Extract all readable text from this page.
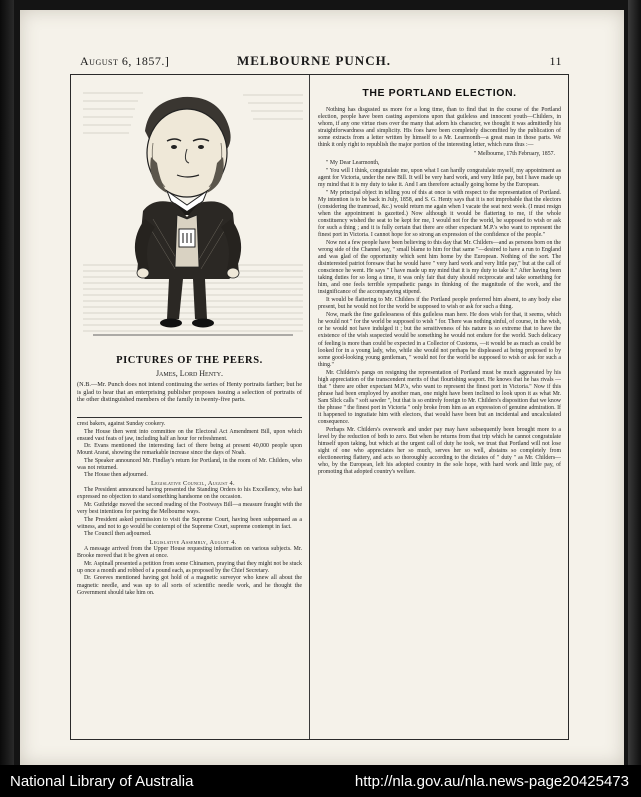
August 6, 1857.]	MELBOURNE PUNCH.	11
PICTURES OF THE PEERS.
James, Lord Henty.
(N.B.—Mr. Punch does not intend continuing the series of Henty portraits farther; but he is glad to hear that an enterprising publisher proposes issuing a selection of portraits of the other distinguished members of the family in twenty-five parts.

crest bakers, against Sunday cookery.

The House then went into committee on the Electoral Act Amendment Bill, upon which ensued vast feats of jaw, including half an hour for refreshment.

Dr. Evans mentioned the interesting fact of there being at present 40,000 people upon Mount Ararat, showing the remarkable increase since the days of Noah.

The Speaker announced Mr. Findlay's return for Portland, in the room of Mr. Childers, who was not returned.

The House then adjourned.

Legislative Council, August 4.

The President announced having presented the Standing Orders to his Excellency, who had expressed no objection to stand something handsome on the occasion.

Mr. Guthridge moved the second reading of the Footways Bill—a measure fraught with the very best intentions for paving the Melbourne ways.

The President asked permission to visit the Supreme Court, having been subpœnaed as a witness, and not to go would be contempt of the Supreme Court, supreme contempt in fact.

The Council then adjourned.

Legislative Assembly, August 4.

A message arrived from the Upper House requesting information on various subjects. Mr. Brooke moved that it be given at once.

Mr. Aspinall presented a petition from some Chinamen, praying that they might not be stuck up once a month and robbed of a pound each, as proposed by the Chief Secretary.

Dr. Greeves mentioned having got hold of a magnetic surveyor who knew all about the magnetic needle, and was up to all sorts of scientific needle work, and he thought the Government should take him on.

THE PORTLAND ELECTION.

Nothing has disgusted us more for a long time, than to find that in the course of the Portland election, people have been casting aspersions upon that guileless and innocent youth—Childers, in whom, if any one virtue rises over the many that adorn his character, we thought it was admittedly his straightforwardness and simplicity. His foes have been completely discomfited by the publication of some extracts from a letter written by himself to a Mr. Learmonth—a great man in those parts. We think it only right to republish the major portion of the interesting letter, which runs thus :—

" Melbourne, 17th February, 1857.

" My Dear Learmonth,

" You will I think, congratulate me, upon what I can hardly congratulate myself, my appointment as agent for Victoria, under the new Bill. It will be very hard work, and very little pay, but I have made up my mind that it is my duty to take it. And I am therefore actually going home by the European.

" My principal object in telling you of this at once is with respect to the representation of Portland. My intention is to be back in July, 1858, and S. G. Henty says that it is not improbable that the electors (considering the tramroad, &c.) would return me again when I vacate the seat next week. (I must resign when the appointment is gazetted.) Now although it would be flattering to me, if the whole constituency wished the seat to be kept for me, I would not for the world, be supposed to wish or ask for such a thing ; and it is fully certain that there are other expectant M.P.'s who want to represent the finest port in Victoria. I cannot hope for so strong an expression of the confidence of the people."

Now not a few people have been believing to this day that Mr. Childers—and as persons born on the wrong side of the Channel say, " small blame to him for that same "—desired to have a run to England and was glad of the opportunity which sent him home by the European. Nothing of the sort. The disinterested patriot foresaw that he would have " very hard work and very little pay," but at the call of conscience he went. He says " I have made up my mind that it is my duty to take it." After having been taking duties for so long a time, it was only fair that duty should reciprocate and take something for him, and one feels terrible sympathetic pangs in thinking of the magnitude of the work, and the insignificance of the accompanying stipend.

It would be flattering to Mr. Childers if the Portland people preferred him absent, to any body else present, but he would not for the world be supposed to wish or ask for such a thing.

Now, mark the fine guilelessness of this guileless man here. He does wish for that, it seems, which he would not " for the world be supposed to wish " for. There was nothing sinful, of course, in the wish, or he would not have indulged it ; but the sensitiveness of his nature is so extreme that to have the existence of the wish suspected would be something he would not endure for the world. Such delicacy of feeling is more than could be expected in a Collector of Customs, —it would be as much as could be looked for in a young lady, who, while she would not perhaps be displeased at being proposed to by some good-looking young gentleman, " would not for the world be supposed to wish or ask for such a thing."

Mr. Childers's pangs on resigning the representation of Portland must be much aggravated by his high appreciation of the transcendent merits of that flourishing seaport. He knows that he has rivals —that " there are other expectant M.P.'s, who want to represent the finest port in Victoria." Now if this phrase had been employed by another man, one might have been inclined to look upon it as what Mr. Sam Slick calls " soft sawder ", but that is so entirely foreign to Mr. Childers's disposition that we know the phrase " the finest port in Victoria " only broke from him as an expression of genuine admiration. If it happened to ingratiate him with electors, that would have been but an incidental and uncalculated consequence.

Perhaps Mr. Childers's overwork and under pay may have subsequently been brought more to a level by the reduction of both to zero. But when he returns from that trip which he cannot congratulate himself upon taking, but which at the urgent call of duty he took, we trust that Portland will not lose sight of one who appreciates her so much, serves her so well, abstains so completely from electioneering flattery, and acts so thoroughly according to the dictates of " duty " as Mr. Childers—who, by the European, left his adopted country in the sole hope, with hard work and little pay, of promoting that adopted country's welfare.

National Library of Australia	http://nla.gov.au/nla.news-page20425473
